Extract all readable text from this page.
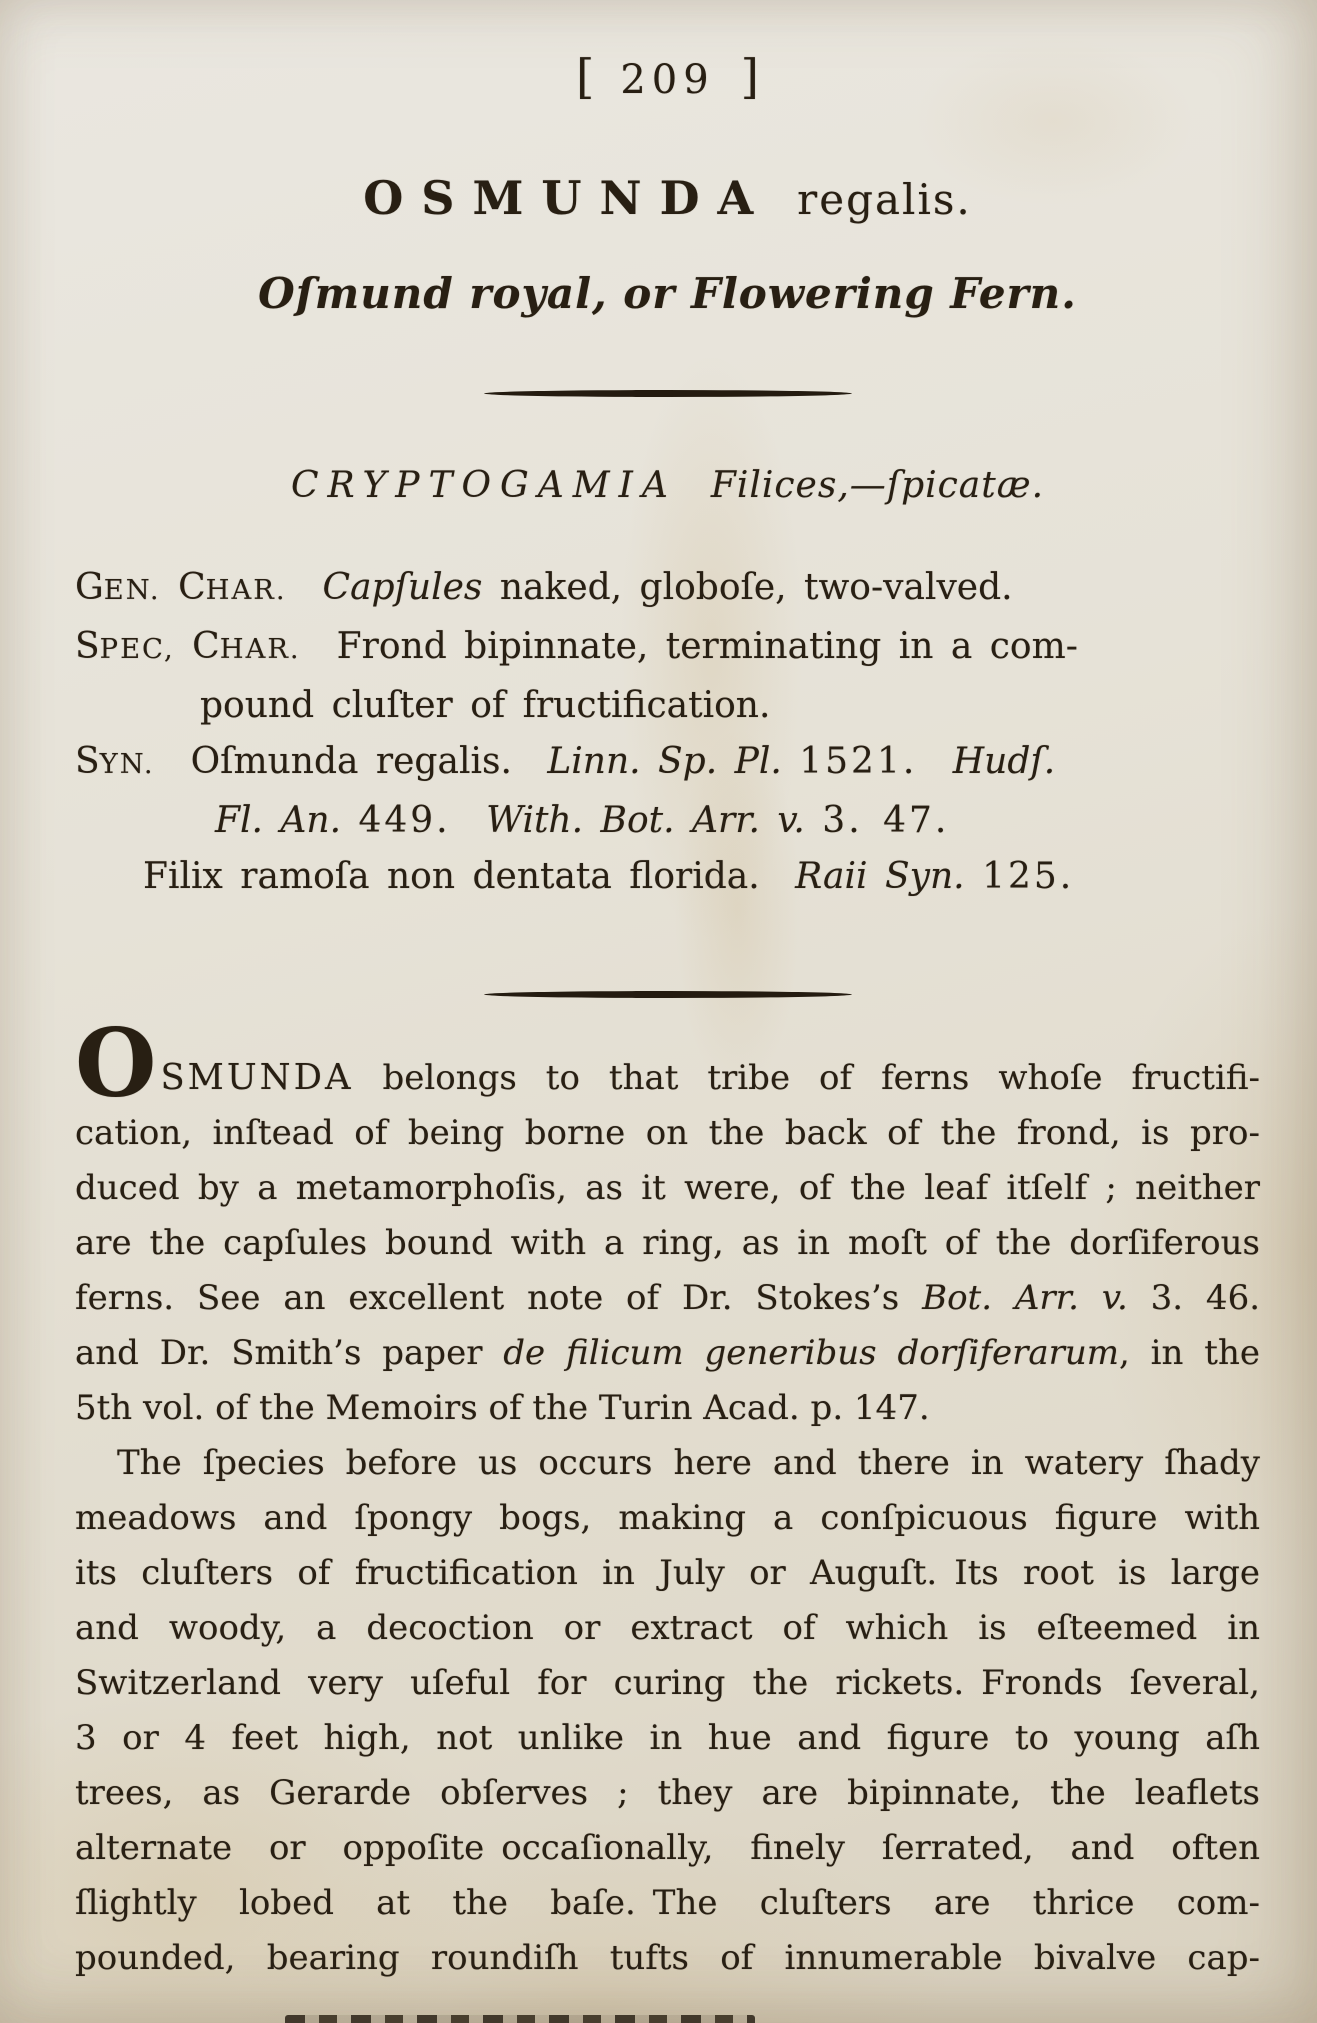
[ 209 ]
OSMUNDA regalis.
Oſmund royal, or Flowering Fern.
CRYPTOGAMIA Filices,—ſpicatæ.
GEN. CHAR.  Capſules naked, globoſe, two-valved.
SPEC, CHAR.  Frond bipinnate, terminating in a com-
pound cluſter of fructification.
SYN.  Oſmunda regalis.  Linn. Sp. Pl. 1521.  Hudſ.
Fl. An. 449.  With. Bot. Arr. v. 3. 47.
Filix ramoſa non dentata florida.  Raii Syn. 125.
OSMUNDA belongs to that tribe of ferns whoſe fructifi-
cation, inſtead of being borne on the back of the frond, is pro-
duced by a metamorphoſis, as it were, of the leaf itſelf ; neither
are the capſules bound with a ring, as in moſt of the dorſiferous
ferns. See an excellent note of Dr. Stokes’s Bot. Arr. v. 3. 46.
and Dr. Smith’s paper de filicum generibus dorſiferarum, in the
5th vol. of the Memoirs of the Turin Acad. p. 147.
The ſpecies before us occurs here and there in watery ſhady
meadows and ſpongy bogs, making a conſpicuous figure with
its cluſters of fructification in July or Auguſt. Its root is large
and woody, a decoction or extract of which is eſteemed in
Switzerland very uſeful for curing the rickets. Fronds ſeveral,
3 or 4 feet high, not unlike in hue and figure to young aſh
trees, as Gerarde obſerves ; they are bipinnate, the leaflets
alternate or oppoſite occaſionally, finely ſerrated, and often
ſlightly lobed at the baſe. The cluſters are thrice com-
pounded, bearing roundiſh tufts of innumerable bivalve cap-
